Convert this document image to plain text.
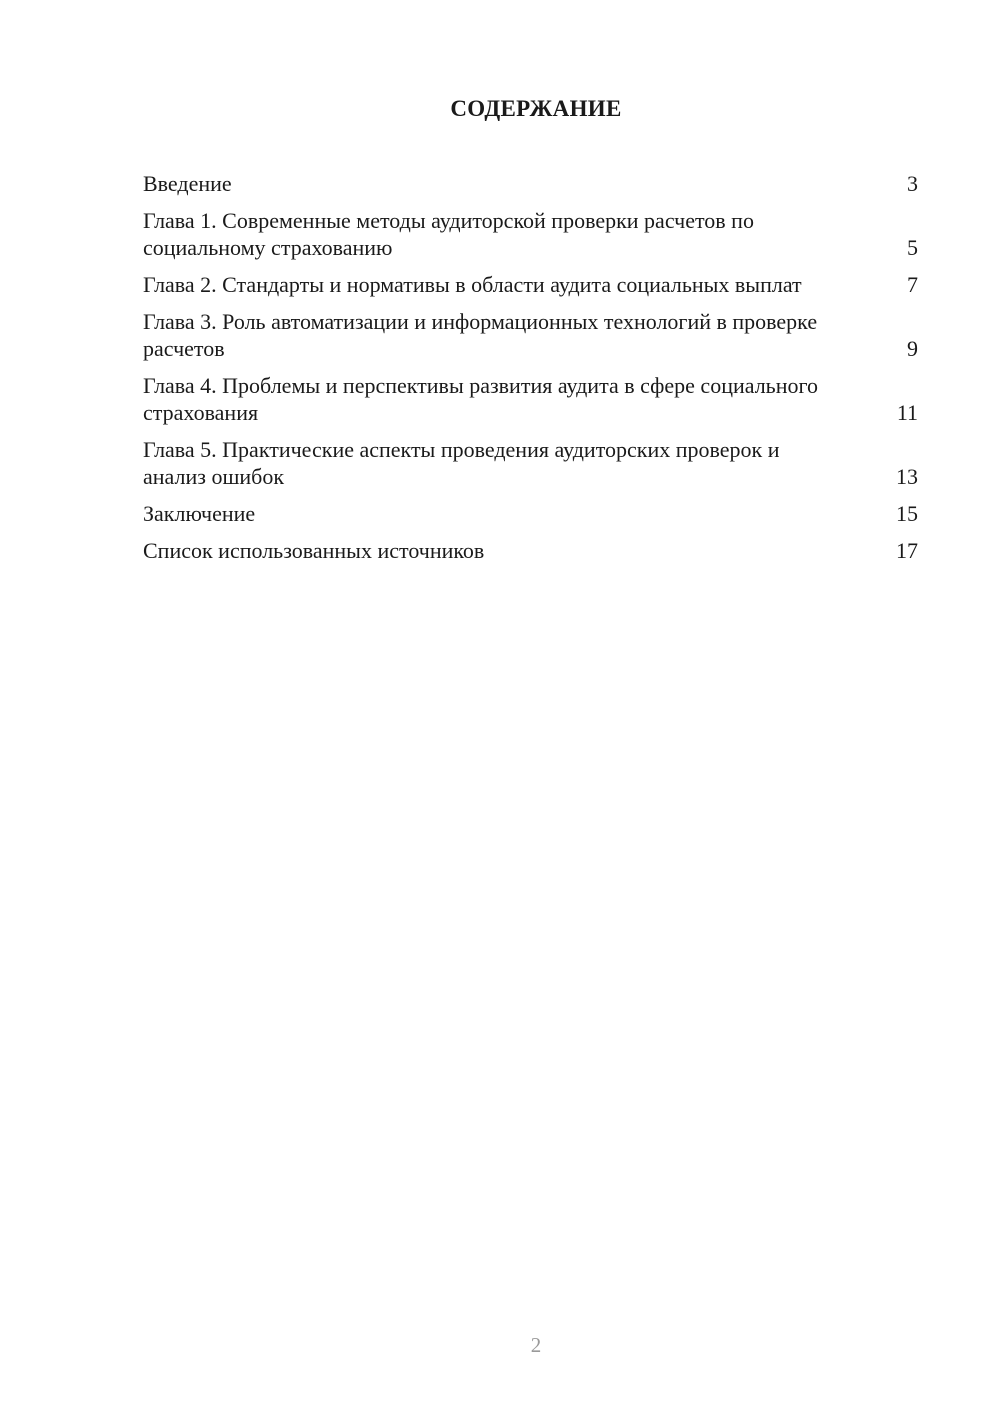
СОДЕРЖАНИЕ
Введение	3
Глава 1. Современные методы аудиторской проверки расчетов по социальному страхованию	5
Глава 2. Стандарты и нормативы в области аудита социальных выплат	7
Глава 3. Роль автоматизации и информационных технологий в проверке расчетов	9
Глава 4. Проблемы и перспективы развития аудита в сфере социального страхования	11
Глава 5. Практические аспекты проведения аудиторских проверок и анализ ошибок	13
Заключение	15
Список использованных источников	17
2
